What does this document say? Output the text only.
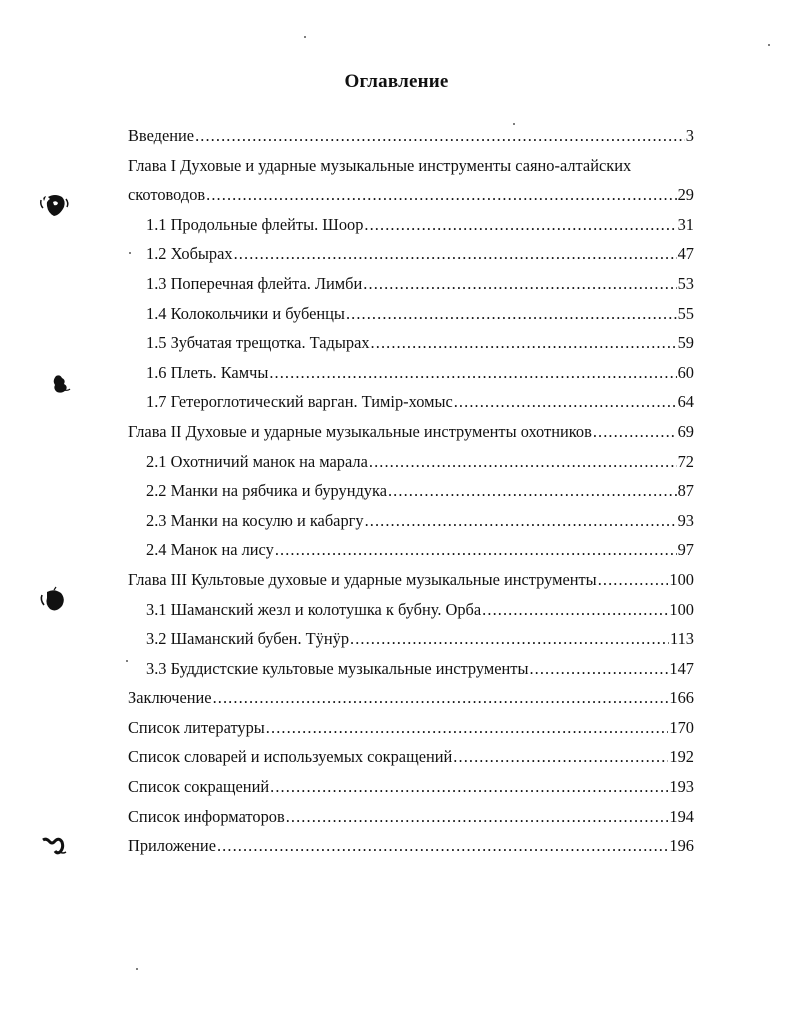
Оглавление
Введение .....	3
Глава I Духовые и ударные музыкальные инструменты саяно-алтайских
скотоводов .....	29
1.1 Продольные флейты. Шоор .....	31
1.2 Хобырах .....	47
1.3 Поперечная флейта. Лимби .....	53
1.4 Колокольчики и бубенцы .....	55
1.5 Зубчатая трещотка. Тадырах .....	59
1.6 Плеть. Камчы .....	60
1.7 Гетероглотический варган. Тимір-хомыс .....	64
Глава II Духовые и ударные музыкальные инструменты охотников .....	69
2.1 Охотничий манок на марала .....	72
2.2 Манки на рябчика и бурундука .....	87
2.3 Манки на косулю и кабаргу .....	93
2.4 Манок на лису .....	97
Глава III Культовые духовые и ударные музыкальные инструменты .....	100
3.1 Шаманский жезл и колотушка к бубну. Орба .....	100
3.2 Шаманский бубен. Тӱнӱр .....	113
3.3 Буддистские культовые музыкальные инструменты .....	147
Заключение .....	166
Список литературы .....	170
Список словарей и используемых сокращений .....	192
Список сокращений .....	193
Список информаторов .....	194
Приложение .....	196
